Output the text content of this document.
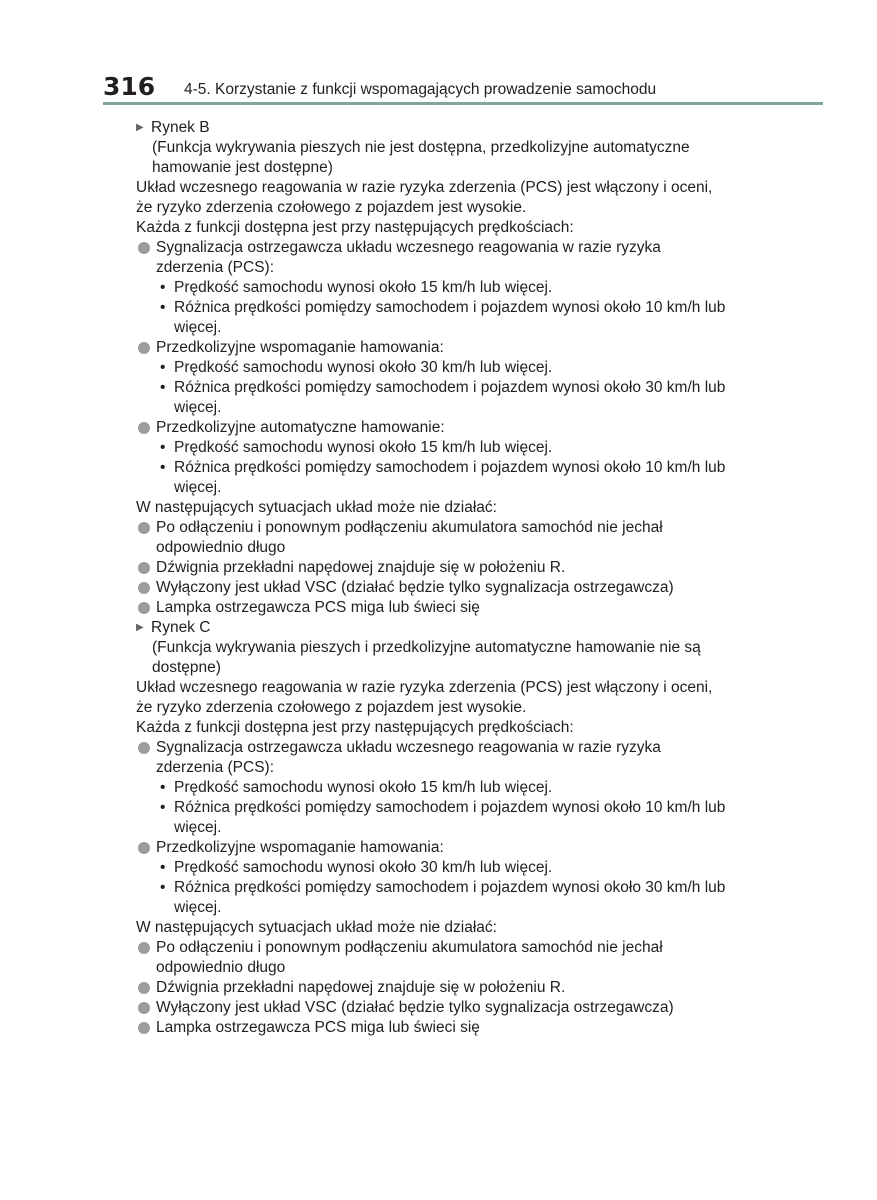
316 4-5. Korzystanie z funkcji wspomagających prowadzenie samochodu
▶ Rynek B
(Funkcja wykrywania pieszych nie jest dostępna, przedkolizyjne automatyczne hamowanie jest dostępne)
Układ wczesnego reagowania w razie ryzyka zderzenia (PCS) jest włączony i oceni, że ryzyko zderzenia czołowego z pojazdem jest wysokie.
Każda z funkcji dostępna jest przy następujących prędkościach:
Sygnalizacja ostrzegawcza układu wczesnego reagowania w razie ryzyka zderzenia (PCS):
• Prędkość samochodu wynosi około 15 km/h lub więcej.
• Różnica prędkości pomiędzy samochodem i pojazdem wynosi około 10 km/h lub więcej.
Przedkolizyjne wspomaganie hamowania:
• Prędkość samochodu wynosi około 30 km/h lub więcej.
• Różnica prędkości pomiędzy samochodem i pojazdem wynosi około 30 km/h lub więcej.
Przedkolizyjne automatyczne hamowanie:
• Prędkość samochodu wynosi około 15 km/h lub więcej.
• Różnica prędkości pomiędzy samochodem i pojazdem wynosi około 10 km/h lub więcej.
W następujących sytuacjach układ może nie działać:
Po odłączeniu i ponownym podłączeniu akumulatora samochód nie jechał odpowiednio długo
Dźwignia przekładni napędowej znajduje się w położeniu R.
Wyłączony jest układ VSC (działać będzie tylko sygnalizacja ostrzegawcza)
Lampka ostrzegawcza PCS miga lub świeci się
▶ Rynek C
(Funkcja wykrywania pieszych i przedkolizyjne automatyczne hamowanie nie są dostępne)
Układ wczesnego reagowania w razie ryzyka zderzenia (PCS) jest włączony i oceni, że ryzyko zderzenia czołowego z pojazdem jest wysokie.
Każda z funkcji dostępna jest przy następujących prędkościach:
Sygnalizacja ostrzegawcza układu wczesnego reagowania w razie ryzyka zderzenia (PCS):
• Prędkość samochodu wynosi około 15 km/h lub więcej.
• Różnica prędkości pomiędzy samochodem i pojazdem wynosi około 10 km/h lub więcej.
Przedkolizyjne wspomaganie hamowania:
• Prędkość samochodu wynosi około 30 km/h lub więcej.
• Różnica prędkości pomiędzy samochodem i pojazdem wynosi około 30 km/h lub więcej.
W następujących sytuacjach układ może nie działać:
Po odłączeniu i ponownym podłączeniu akumulatora samochód nie jechał odpowiednio długo
Dźwignia przekładni napędowej znajduje się w położeniu R.
Wyłączony jest układ VSC (działać będzie tylko sygnalizacja ostrzegawcza)
Lampka ostrzegawcza PCS miga lub świeci się
